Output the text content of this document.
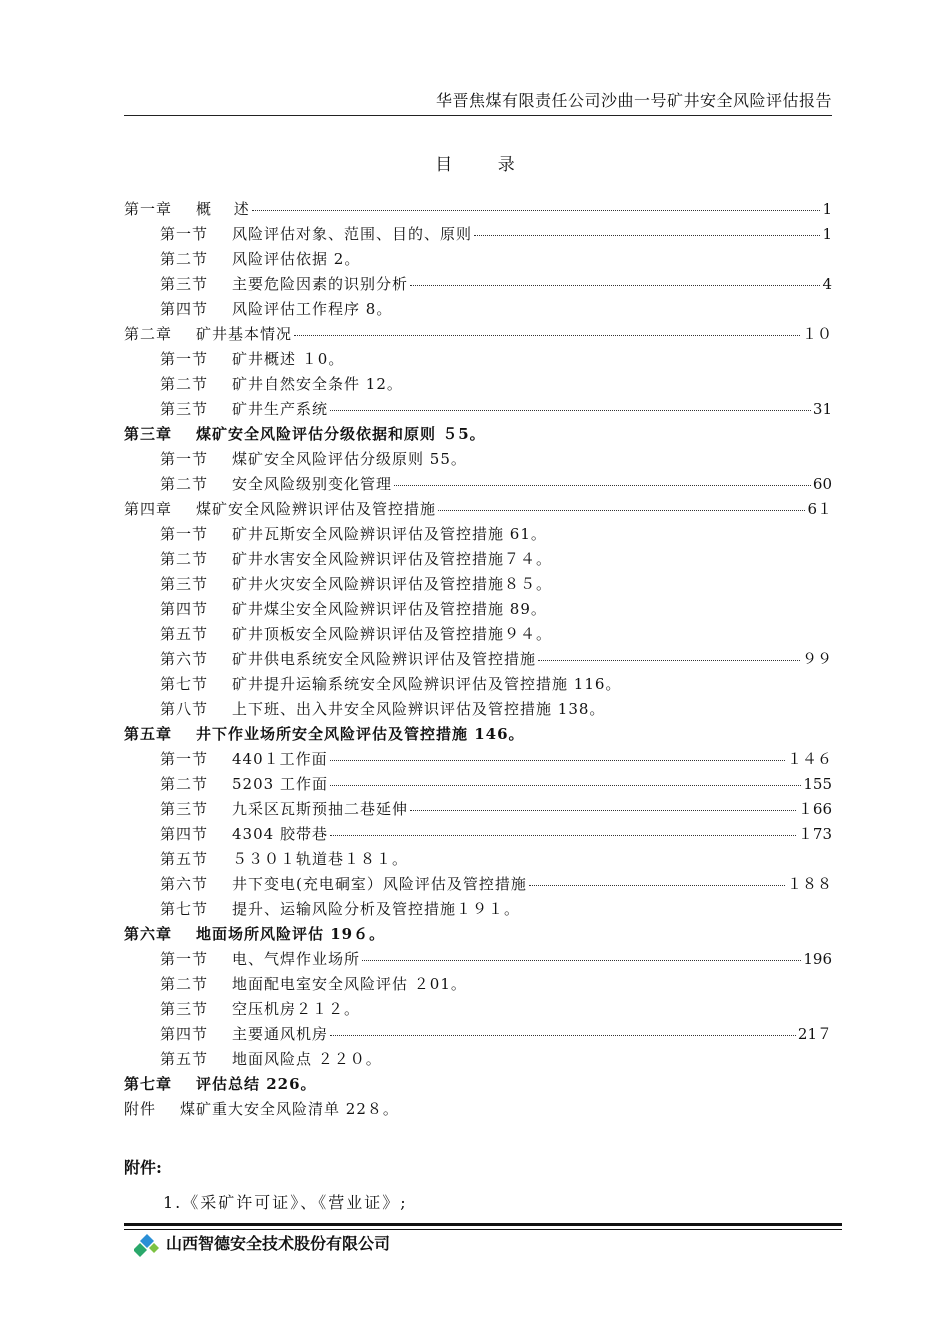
华晋焦煤有限责任公司沙曲一号矿井安全风险评估报告
目 录
第一章 概　 述	1
第一节 风险评估对象、范围、目的、原则	1
第二节 风险评估依据 2。
第三节 主要危险因素的识别分析	4
第四节 风险评估工作程序 8。
第二章 矿井基本情况	１０
第一节 矿井概述 １0。
第二节 矿井自然安全条件 12。
第三节 矿井生产系统	31
第三章 煤矿安全风险评估分级依据和原则 ５5。
第一节 煤矿安全风险评估分级原则 55。
第二节 安全风险级别变化管理	60
第四章 煤矿安全风险辨识评估及管控措施	6１
第一节 矿井瓦斯安全风险辨识评估及管控措施 61。
第二节 矿井水害安全风险辨识评估及管控措施７４。
第三节 矿井火灾安全风险辨识评估及管控措施８５。
第四节 矿井煤尘安全风险辨识评估及管控措施 89。
第五节 矿井顶板安全风险辨识评估及管控措施９４。
第六节 矿井供电系统安全风险辨识评估及管控措施	９９
第七节 矿井提升运输系统安全风险辨识评估及管控措施 116。
第八节 上下班、出入井安全风险辨识评估及管控措施 138。
第五章 井下作业场所安全风险评估及管控措施 146。
第一节 440１工作面	１４６
第二节 5203 工作面	155
第三节 九采区瓦斯预抽二巷延伸	１66
第四节 4304 胶带巷	１73
第五节 ５３０１轨道巷１８１。
第六节 井下变电(充电硐室）风险评估及管控措施	１８８
第七节 提升、运输风险分析及管控措施１９１。
第六章 地面场所风险评估 19６。
第一节 电、气焊作业场所	196
第二节 地面配电室安全风险评估 ２01。
第三节 空压机房２１２。
第四节 主要通风机房	21７
第五节 地面风险点 ２２０。
第七章 评估总结 226。
附件 煤矿重大安全风险清单 22８。
附件:
1.《采矿许可证》、《营业证》;
山西智德安全技术股份有限公司
